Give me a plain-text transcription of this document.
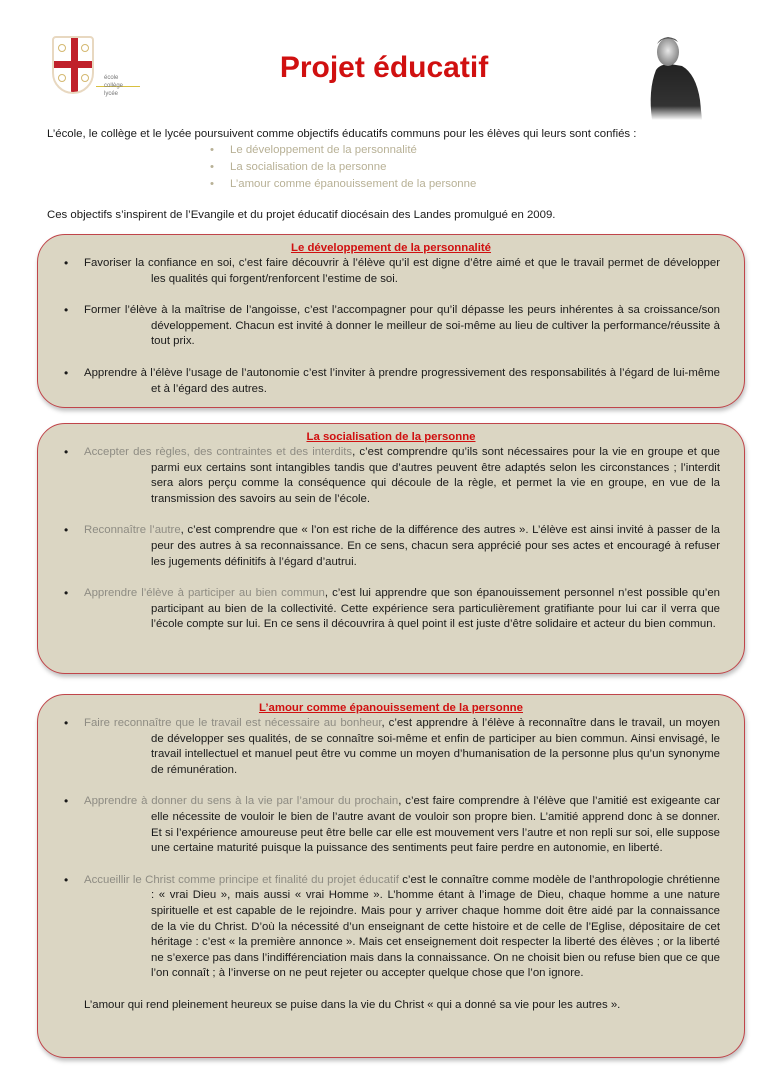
école
collège
lycée
Projet éducatif

L’école, le collège et le lycée poursuivent comme objectifs éducatifs communs pour les élèves qui leurs sont confiés :

• Le développement de la personnalité
• La socialisation de la personne
• L’amour comme épanouissement de la personne

Ces objectifs s’inspirent de l’Evangile et du projet éducatif diocésain des Landes promulgué en 2009.

Le développement de la personnalité
• Favoriser la confiance en soi, c’est faire découvrir à l’élève qu’il est digne d’être aimé et que le travail permet de développer les qualités qui forgent/renforcent l’estime de soi.
• Former l’élève à la maîtrise de l’angoisse, c’est l’accompagner pour qu’il dépasse les peurs inhérentes à sa croissance/son développement. Chacun est invité à donner le meilleur de soi-même au lieu de cultiver la performance/réussite à tout prix.
• Apprendre à l’élève l’usage de l’autonomie c’est l’inviter à prendre progressivement des responsabilités à l’égard de lui-même et à l’égard des autres.
La socialisation de la personne
• Accepter des règles, des contraintes et des interdits, c’est comprendre qu’ils sont nécessaires pour la vie en groupe et que parmi eux certains sont intangibles tandis que d’autres peuvent être adaptés selon les circonstances ; l’interdit sera alors perçu comme la conséquence qui découle de la règle, et permet la vie en groupe, en vue de la transmission des savoirs au sein de l’école.
• Reconnaître l’autre, c’est comprendre que « l’on est riche de la différence des autres ». L’élève est ainsi invité à passer de la peur des autres à sa reconnaissance. En ce sens, chacun sera apprécié pour ses actes et encouragé à refuser les jugements définitifs à l’égard d’autrui.
• Apprendre l’élève à participer au bien commun, c’est lui apprendre que son épanouissement personnel n’est possible qu’en participant au bien de la collectivité. Cette expérience sera particulièrement gratifiante pour lui car il verra que l’école compte sur lui. En ce sens il découvrira à quel point il est juste d’être solidaire et acteur du bien commun.
L’amour comme épanouissement de la personne
• Faire reconnaître que le travail est nécessaire au bonheur, c’est apprendre à l’élève à reconnaître dans le travail, un moyen de développer ses qualités, de se connaître soi-même et enfin de participer au bien commun. Ainsi envisagé, le travail intellectuel et manuel peut être vu comme un moyen d’humanisation de la personne plus qu’un synonyme de rémunération.
• Apprendre à donner du sens à la vie par l’amour du prochain, c’est faire comprendre à l’élève que l’amitié est exigeante car elle nécessite de vouloir le bien de l’autre avant de vouloir son propre bien. L’amitié apprend donc à se donner. Et si l’expérience amoureuse peut être belle car elle est mouvement vers l’autre et non repli sur soi, elle suppose une certaine maturité puisque la puissance des sentiments peut faire perdre en autonomie, en liberté.
• Accueillir le Christ comme principe et finalité du projet éducatif c’est le connaître comme modèle de l’anthropologie chrétienne : « vrai Dieu », mais aussi « vrai Homme ». L’homme étant à l’image de Dieu, chaque homme a une nature spirituelle et est capable de le rejoindre. Mais pour y arriver chaque homme doit être aidé par la connaissance de la vie du Christ. D’où la nécessité d’un enseignant de cette histoire et de celle de l’Eglise, dépositaire de cet héritage : c’est « la première annonce ». Mais cet enseignement doit respecter la liberté des élèves ; or la liberté ne s’exerce pas dans l’indifférenciation mais dans la connaissance. On ne choisit bien ou refuse bien que ce que l’on connaît ; à l’inverse on ne peut rejeter ou accepter quelque chose que l’on ignore.

L’amour qui rend pleinement heureux se puise dans la vie du Christ « qui a donné sa vie pour les autres ».
